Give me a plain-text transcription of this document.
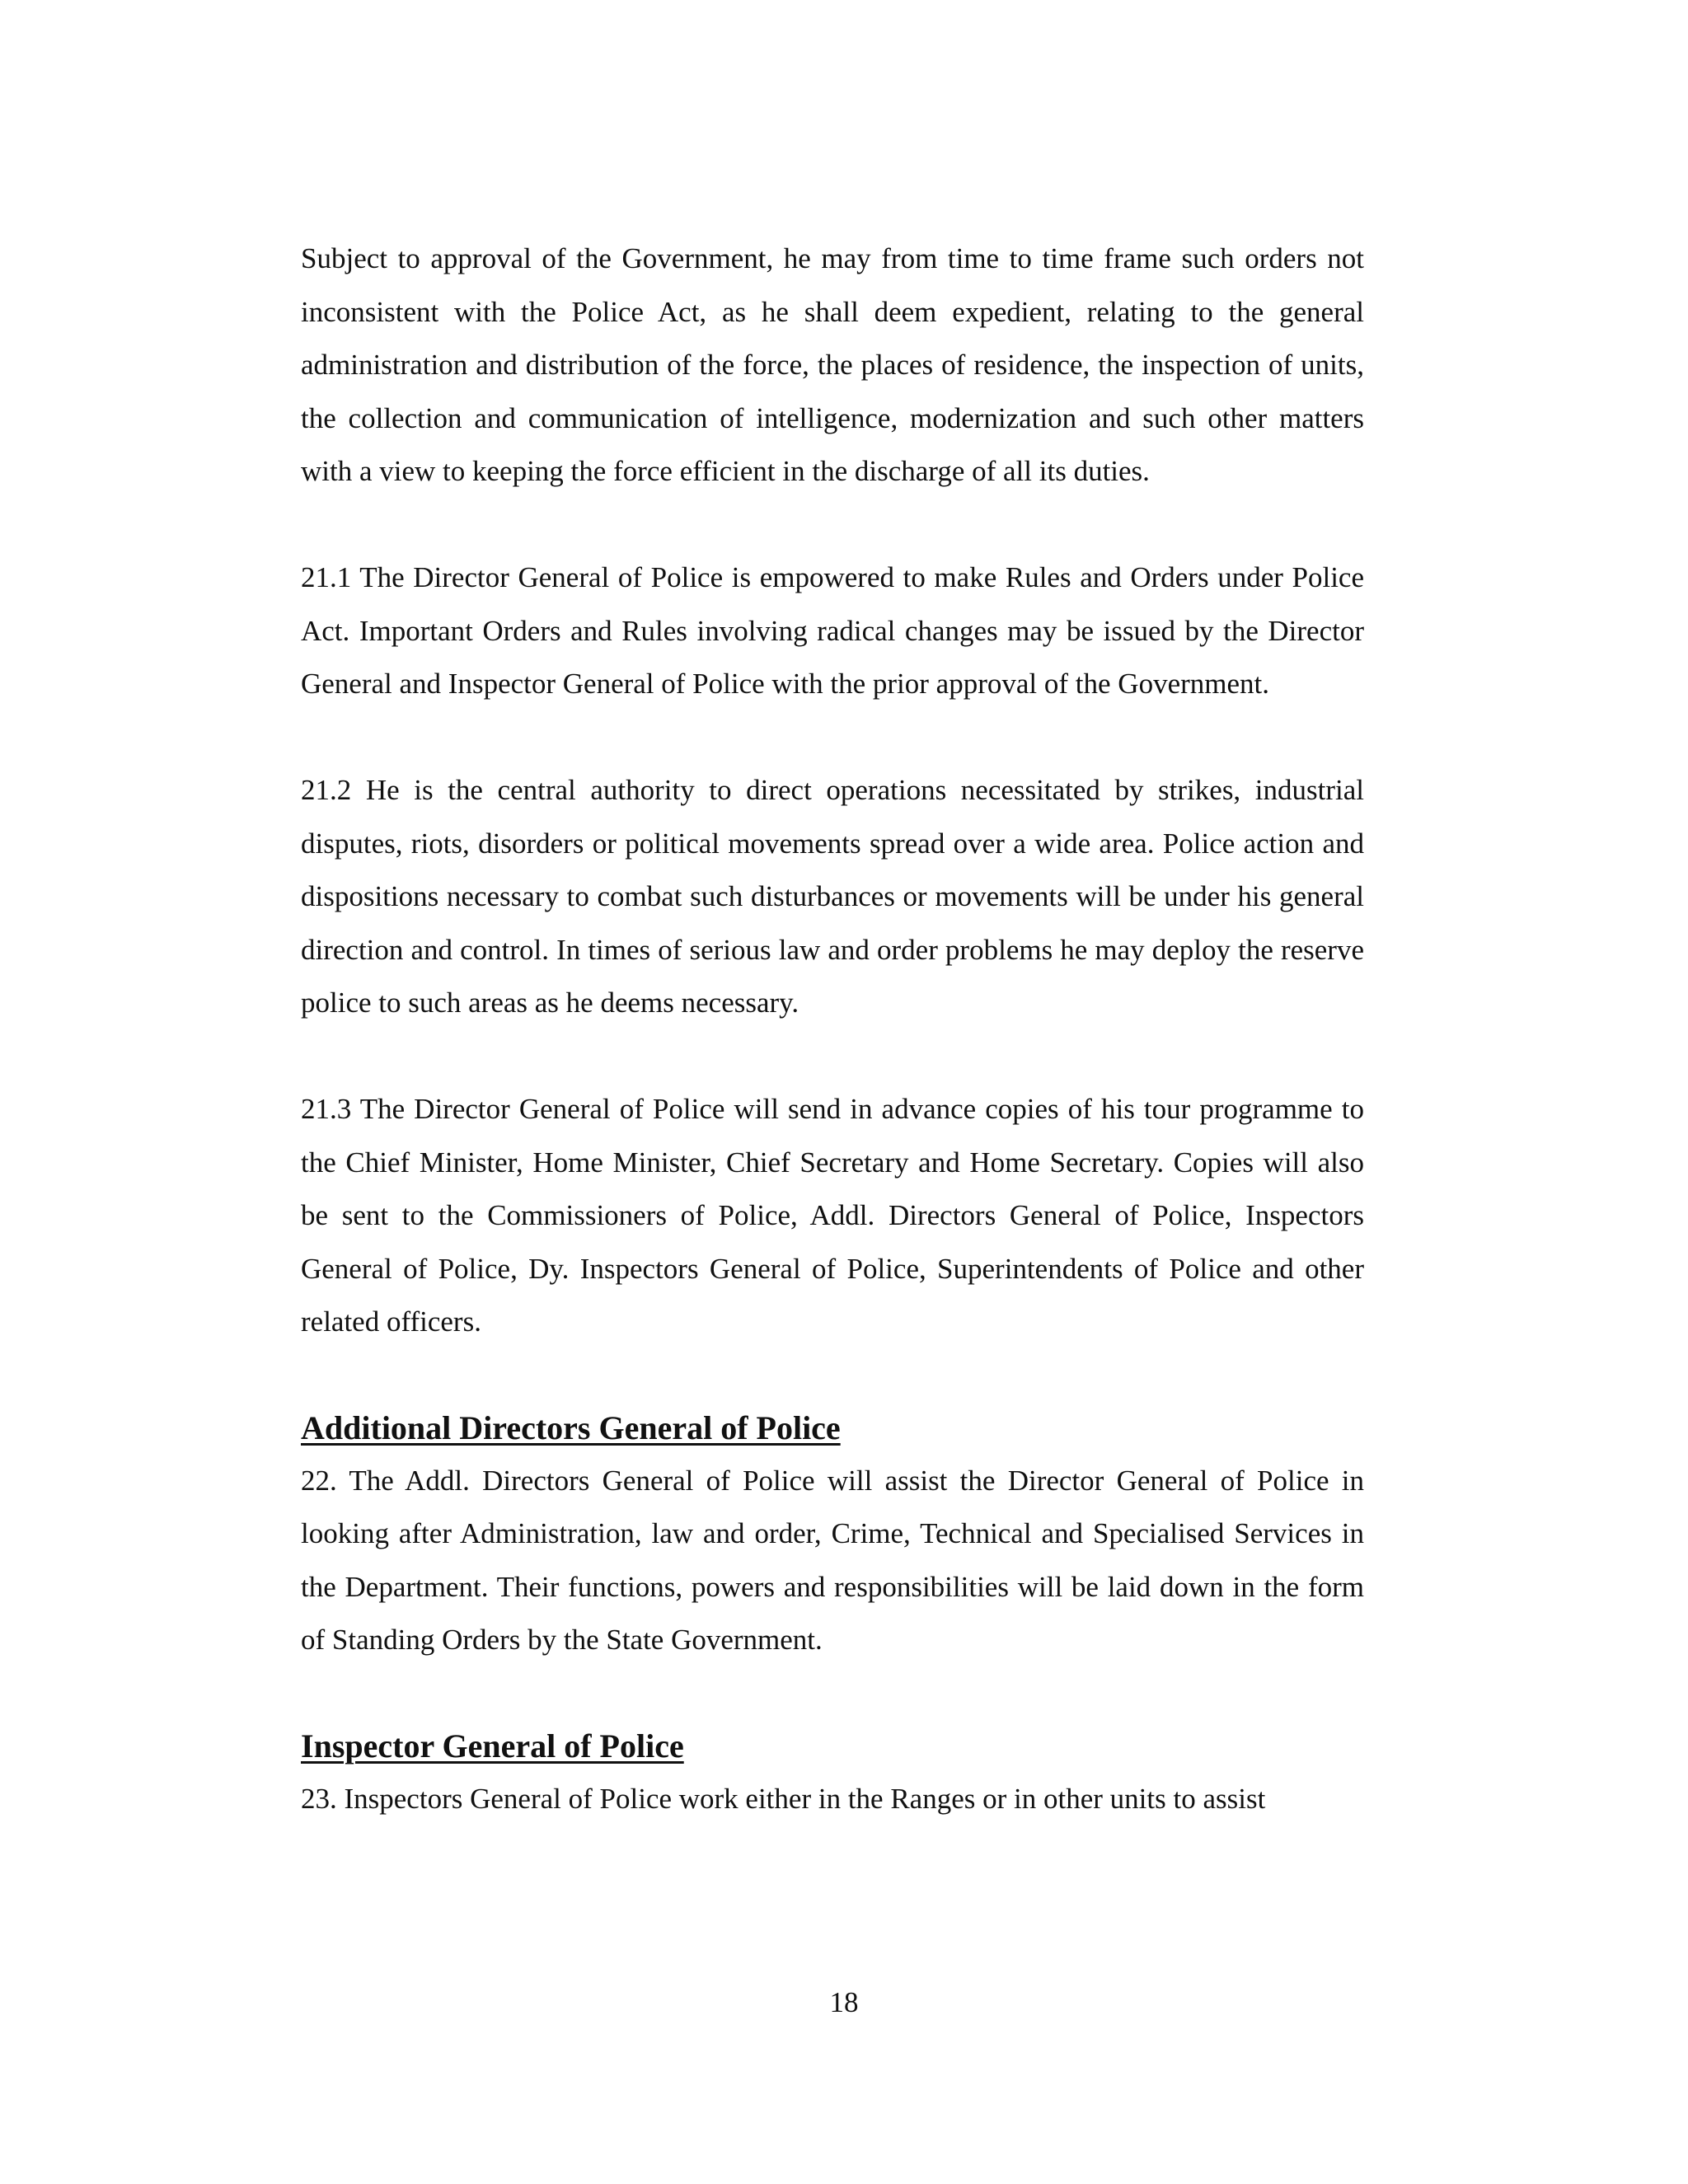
Subject to approval of the Government, he may from time to time frame such orders not inconsistent with the Police Act, as he shall deem expedient, relating to the general administration and distribution of the force, the places of residence, the inspection of units, the collection and communication of intelligence, modernization and such other matters with a view to keeping the force efficient in the discharge of all its duties.

21.1 The Director General of Police is empowered to make Rules and Orders under Police Act. Important Orders and Rules involving radical changes may be issued by the Director General and Inspector General of Police with the prior approval of the Government.

21.2 He is the central authority to direct operations necessitated by strikes, industrial disputes, riots, disorders or political movements spread over a wide area. Police action and dispositions necessary to combat such disturbances or movements will be under his general direction and control. In times of serious law and order problems he may deploy the reserve police to such areas as he deems necessary.

21.3 The Director General of Police will send in advance copies of his tour programme to the Chief Minister, Home Minister, Chief Secretary and Home Secretary. Copies will also be sent to the Commissioners of Police, Addl. Directors General of Police, Inspectors General of Police, Dy. Inspectors General of Police, Superintendents of Police and other related officers.

Additional Directors General of Police

22. The Addl. Directors General of Police will assist the Director General of Police in looking after Administration, law and order, Crime, Technical and Specialised Services in the Department. Their functions, powers and responsibilities will be laid down in the form of Standing Orders by the State Government.

Inspector General of Police

23. Inspectors General of Police work either in the Ranges or in other units to assist

18
